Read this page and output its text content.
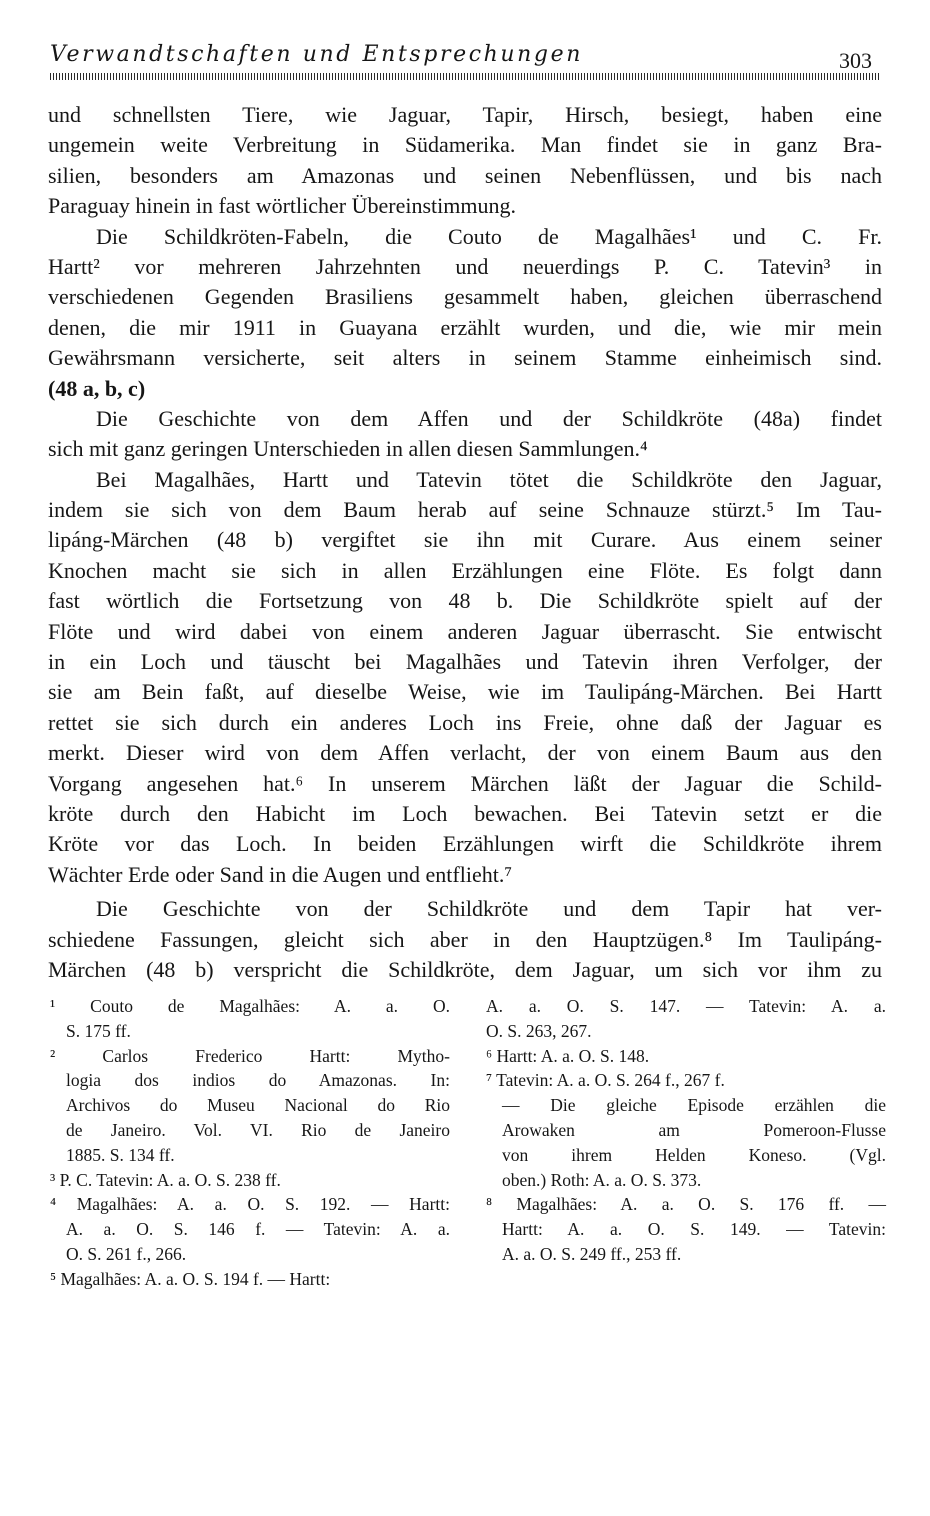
Verwandtschaften und Entsprechungen	303
und schnellsten Tiere, wie Jaguar, Tapir, Hirsch, besiegt, haben eine
ungemein weite Verbreitung in Südamerika. Man findet sie in ganz Bra-
silien, besonders am Amazonas und seinen Nebenflüssen, und bis nach
Paraguay hinein in fast wörtlicher Übereinstimmung.
Die Schildkröten-Fabeln, die Couto de Magalhães¹ und C. Fr.
Hartt² vor mehreren Jahrzehnten und neuerdings P. C. Tatevin³ in
verschiedenen Gegenden Brasiliens gesammelt haben, gleichen überraschend
denen, die mir 1911 in Guayana erzählt wurden, und die, wie mir mein
Gewährsmann versicherte, seit alters in seinem Stamme einheimisch sind.
(48 a, b, c)
Die Geschichte von dem Affen und der Schildkröte (48a) findet
sich mit ganz geringen Unterschieden in allen diesen Sammlungen.⁴
Bei Magalhães, Hartt und Tatevin tötet die Schildkröte den Jaguar,
indem sie sich von dem Baum herab auf seine Schnauze stürzt.⁵ Im Tau-
lipáng-Märchen (48 b) vergiftet sie ihn mit Curare. Aus einem seiner
Knochen macht sie sich in allen Erzählungen eine Flöte. Es folgt dann
fast wörtlich die Fortsetzung von 48 b. Die Schildkröte spielt auf der
Flöte und wird dabei von einem anderen Jaguar überrascht. Sie entwischt
in ein Loch und täuscht bei Magalhães und Tatevin ihren Verfolger, der
sie am Bein faßt, auf dieselbe Weise, wie im Taulipáng-Märchen. Bei Hartt
rettet sie sich durch ein anderes Loch ins Freie, ohne daß der Jaguar es
merkt. Dieser wird von dem Affen verlacht, der von einem Baum aus den
Vorgang angesehen hat.⁶ In unserem Märchen läßt der Jaguar die Schild-
kröte durch den Habicht im Loch bewachen. Bei Tatevin setzt er die
Kröte vor das Loch. In beiden Erzählungen wirft die Schildkröte ihrem
Wächter Erde oder Sand in die Augen und entflieht.⁷
Die Geschichte von der Schildkröte und dem Tapir hat ver-
schiedene Fassungen, gleicht sich aber in den Hauptzügen.⁸ Im Taulipáng-
Märchen (48 b) verspricht die Schildkröte, dem Jaguar, um sich vor ihm zu
¹ Couto de Magalhães: A. a. O.
S. 175 ff.
² Carlos Frederico Hartt: Mytho-
logia dos indios do Amazonas. In:
Archivos do Museu Nacional do Rio
de Janeiro. Vol. VI. Rio de Janeiro
1885. S. 134 ff.
³ P. C. Tatevin: A. a. O. S. 238 ff.
⁴ Magalhães: A. a. O. S. 192. — Hartt:
A. a. O. S. 146 f. — Tatevin: A. a.
O. S. 261 f., 266.
⁵ Magalhães: A. a. O. S. 194 f. — Hartt:
A. a. O. S. 147. — Tatevin: A. a.
O. S. 263, 267.
⁶ Hartt: A. a. O. S. 148.
⁷ Tatevin: A. a. O. S. 264 f., 267 f.
— Die gleiche Episode erzählen die
Arowaken am Pomeroon-Flusse
von ihrem Helden Koneso. (Vgl.
oben.) Roth: A. a. O. S. 373.
⁸ Magalhães: A. a. O. S. 176 ff. —
Hartt: A. a. O. S. 149. — Tatevin:
A. a. O. S. 249 ff., 253 ff.
